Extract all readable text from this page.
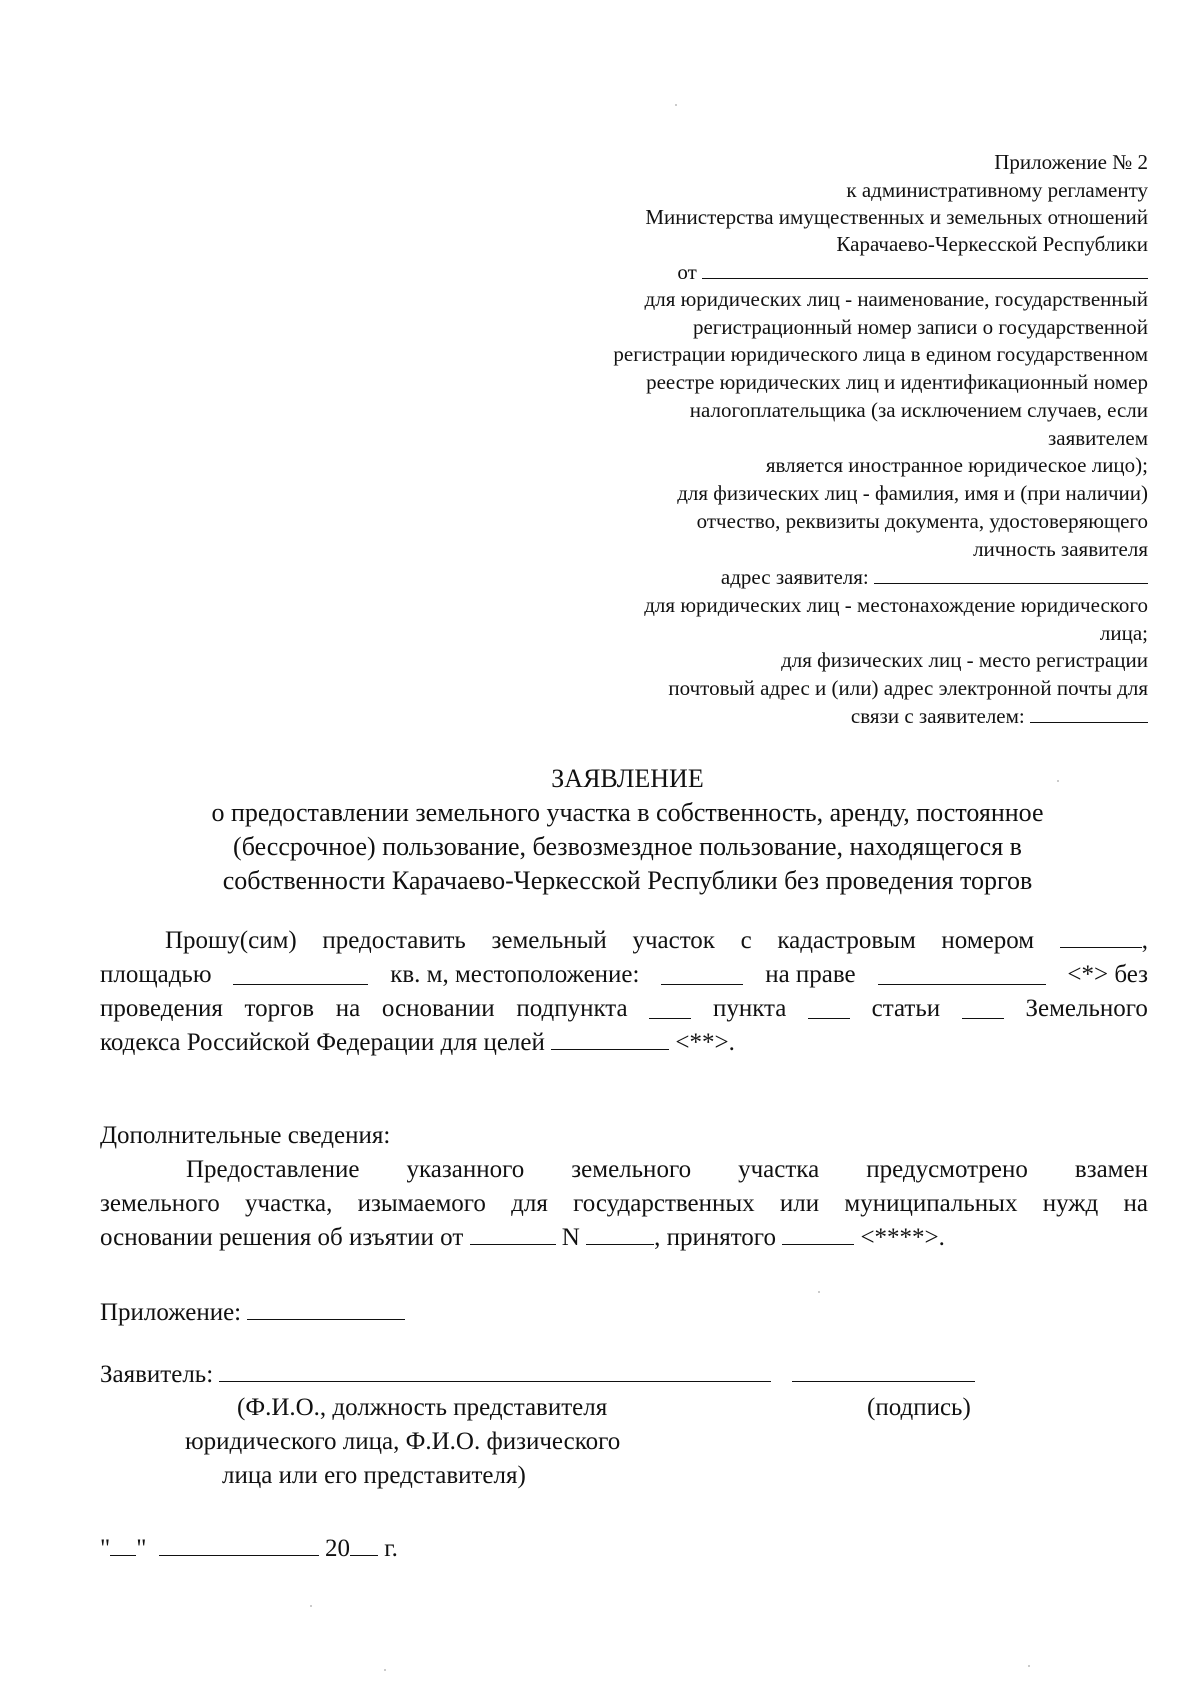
Приложение № 2
к административному регламенту
Министерства имущественных и земельных отношений
Карачаево-Черкесской Республики
от
для юридических лиц - наименование, государственный
регистрационный номер записи о государственной
регистрации юридического лица в едином государственном
реестре юридических лиц и идентификационный номер
налогоплательщика (за исключением случаев, если
заявителем
является иностранное юридическое лицо);
для физических лиц - фамилия, имя и (при наличии)
отчество, реквизиты документа, удостоверяющего
личность заявителя
адрес заявителя:
для юридических лиц - местонахождение юридического
лица;
для физических лиц - место регистрации
почтовый адрес и (или) адрес электронной почты для
связи с заявителем:
ЗАЯВЛЕНИЕ
о предоставлении земельного участка в собственность, аренду, постоянное
(бессрочное) пользование, безвозмездное пользование, находящегося в
собственности Карачаево-Черкесской Республики без проведения торгов
Прошу(сим) предоставить земельный участок с кадастровым номером	,
площадью	кв. м, местоположение:	на праве	<*> без
проведения торгов на основании подпункта	пункта	статьи	Земельного
кодекса Российской Федерации для целей	<**>.
Дополнительные сведения:
Предоставление указанного земельного участка предусмотрено взамен
земельного участка, изымаемого для государственных или муниципальных нужд на
основании решения об изъятии от	N	, принятого	<****>.
Приложение:
Заявитель:
(Ф.И.О., должность представителя
юридического лица, Ф.И.О. физического
лица или его представителя)
(подпись)
" "	20 г.
